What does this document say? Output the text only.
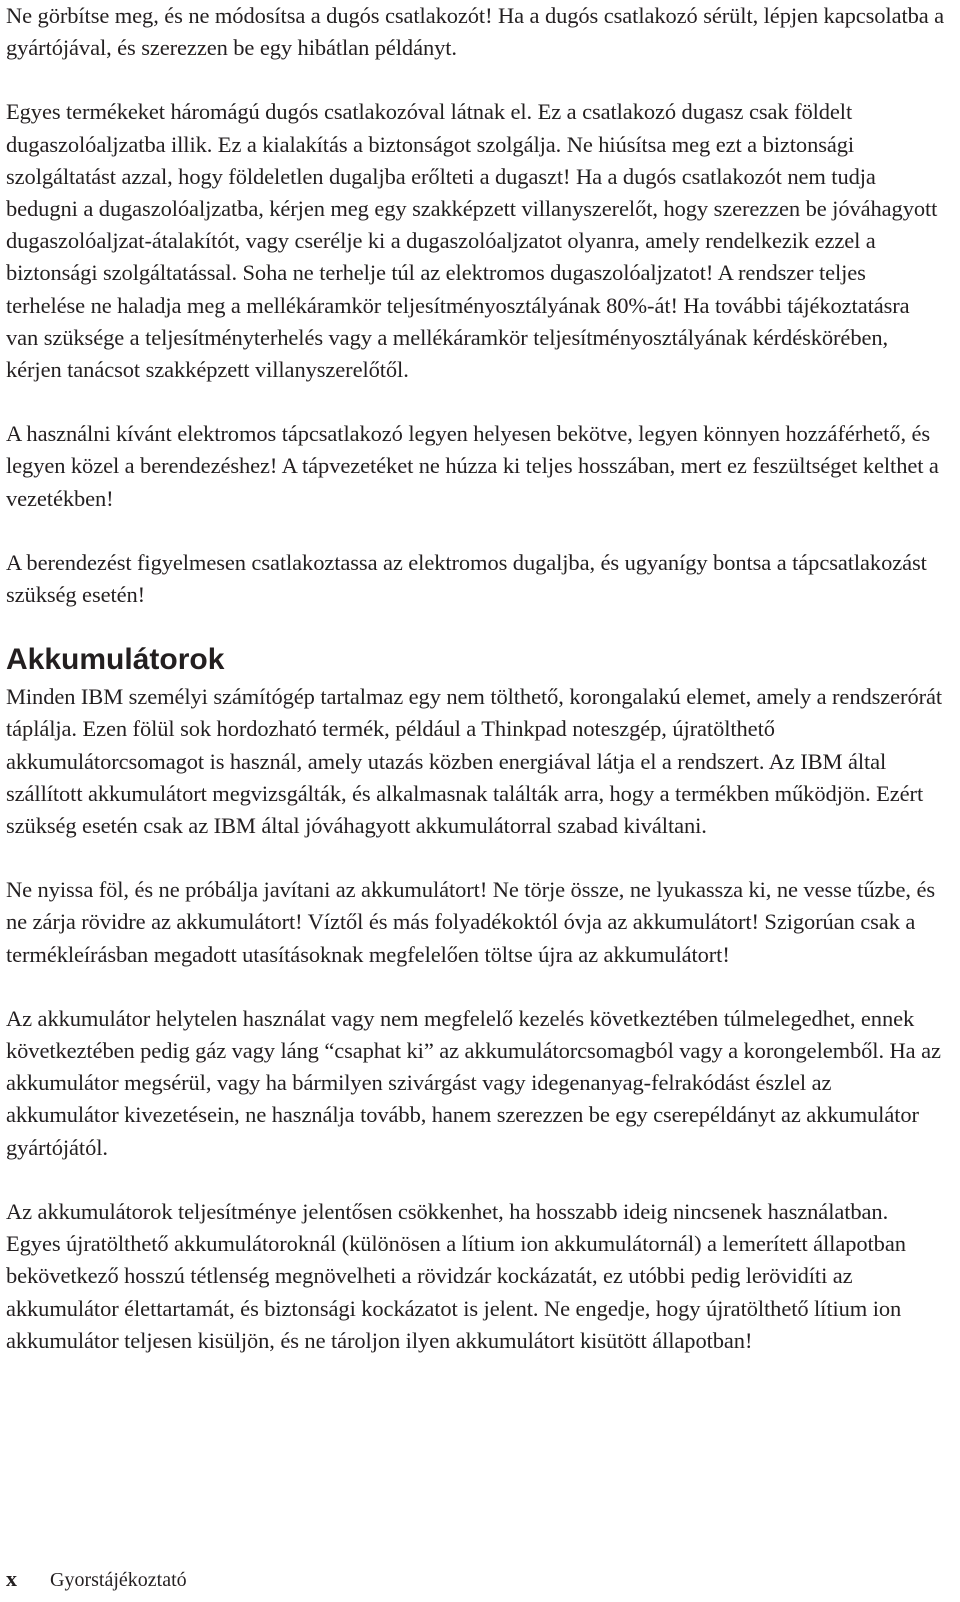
Ne görbítse meg, és ne módosítsa a dugós csatlakozót! Ha a dugós csatlakozó sérült, lépjen kapcsolatba a gyártójával, és szerezzen be egy hibátlan példányt.

Egyes termékeket háromágú dugós csatlakozóval látnak el. Ez a csatlakozó dugasz csak földelt dugaszolóaljzatba illik. Ez a kialakítás a biztonságot szolgálja. Ne hiúsítsa meg ezt a biztonsági szolgáltatást azzal, hogy földeletlen dugaljba erőlteti a dugaszt! Ha a dugós csatlakozót nem tudja bedugni a dugaszolóaljzatba, kérjen meg egy szakképzett villanyszerelőt, hogy szerezzen be jóváhagyott dugaszolóaljzat-átalakítót, vagy cserélje ki a dugaszolóaljzatot olyanra, amely rendelkezik ezzel a biztonsági szolgáltatással. Soha ne terhelje túl az elektromos dugaszolóaljzatot! A rendszer teljes terhelése ne haladja meg a mellékáramkör teljesítményosztályának 80%-át! Ha további tájékoztatásra van szüksége a teljesítményterhelés vagy a mellékáramkör teljesítményosztályának kérdéskörében, kérjen tanácsot szakképzett villanyszerelőtől.

A használni kívánt elektromos tápcsatlakozó legyen helyesen bekötve, legyen könnyen hozzáférhető, és legyen közel a berendezéshez! A tápvezetéket ne húzza ki teljes hosszában, mert ez feszültséget kelthet a vezetékben!

A berendezést figyelmesen csatlakoztassa az elektromos dugaljba, és ugyanígy bontsa a tápcsatlakozást szükség esetén!

Akkumulátorok

Minden IBM személyi számítógép tartalmaz egy nem tölthető, korongalakú elemet, amely a rendszerórát táplálja. Ezen fölül sok hordozható termék, például a Thinkpad noteszgép, újratölthető akkumulátorcsomagot is használ, amely utazás közben energiával látja el a rendszert. Az IBM által szállított akkumulátort megvizsgálták, és alkalmasnak találták arra, hogy a termékben működjön. Ezért szükség esetén csak az IBM által jóváhagyott akkumulátorral szabad kiváltani.

Ne nyissa föl, és ne próbálja javítani az akkumulátort! Ne törje össze, ne lyukassza ki, ne vesse tűzbe, és ne zárja rövidre az akkumulátort! Víztől és más folyadékoktól óvja az akkumulátort! Szigorúan csak a termékleírásban megadott utasításoknak megfelelően töltse újra az akkumulátort!

Az akkumulátor helytelen használat vagy nem megfelelő kezelés következtében túlmelegedhet, ennek következtében pedig gáz vagy láng “csaphat ki” az akkumulátorcsomagból vagy a korongelemből. Ha az akkumulátor megsérül, vagy ha bármilyen szivárgást vagy idegenanyag-felrakódást észlel az akkumulátor kivezetésein, ne használja tovább, hanem szerezzen be egy cserepéldányt az akkumulátor gyártójától.

Az akkumulátorok teljesítménye jelentősen csökkenhet, ha hosszabb ideig nincsenek használatban. Egyes újratölthető akkumulátoroknál (különösen a lítium ion akkumulátornál) a lemerített állapotban bekövetkező hosszú tétlenség megnövelheti a rövidzár kockázatát, ez utóbbi pedig lerövidíti az akkumulátor élettartamát, és biztonsági kockázatot is jelent. Ne engedje, hogy újratölthető lítium ion akkumulátor teljesen kisüljön, és ne tároljon ilyen akkumulátort kisütött állapotban!

x Gyorstájékoztató
